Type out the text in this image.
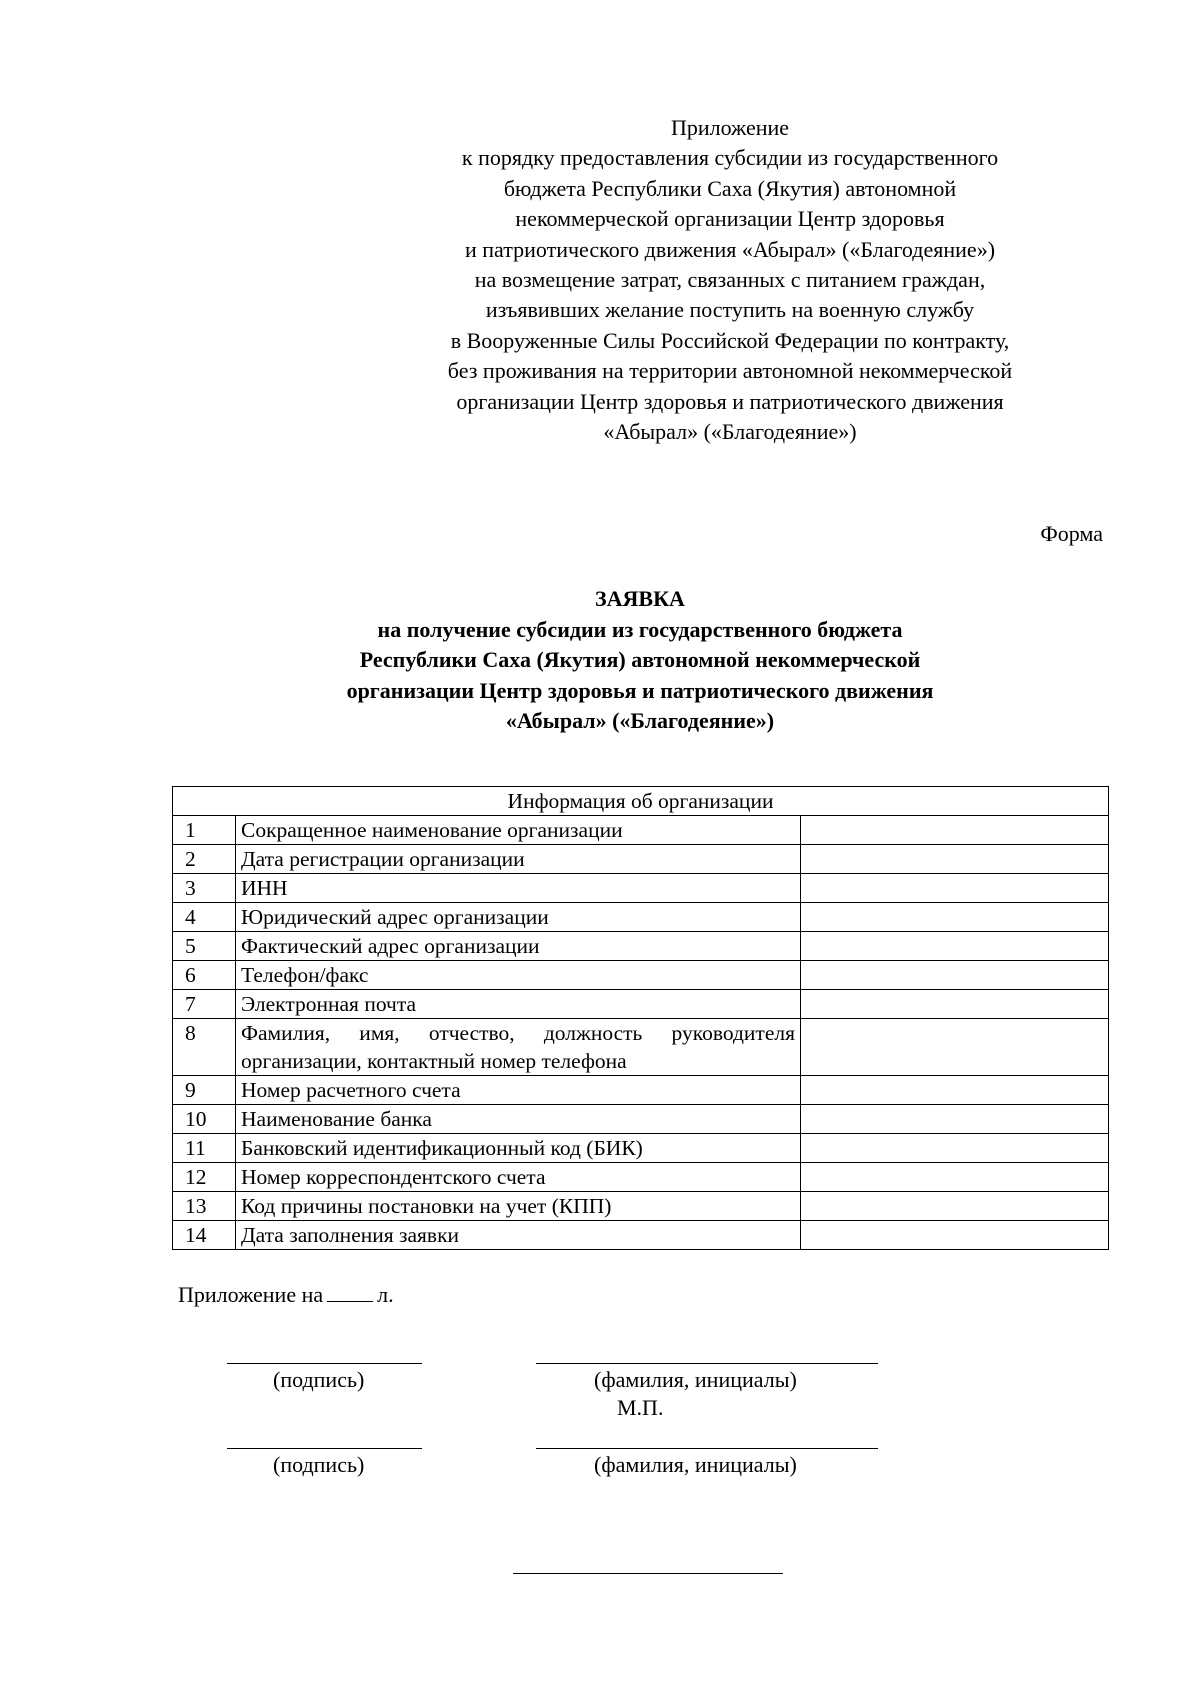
Приложение
к порядку предоставления субсидии из государственного
бюджета Республики Саха (Якутия) автономной
некоммерческой организации Центр здоровья
и патриотического движения «Абырал» («Благодеяние»)
на возмещение затрат, связанных с питанием граждан,
изъявивших желание поступить на военную службу
в Вооруженные Силы Российской Федерации по контракту,
без проживания на территории автономной некоммерческой
организации Центр здоровья и патриотического движения
«Абырал» («Благодеяние»)
Форма
ЗАЯВКА
на получение субсидии из государственного бюджета
Республики Саха (Якутия) автономной некоммерческой
организации Центр здоровья и патриотического движения
«Абырал» («Благодеяние»)
Информация об организации		
1	Сокращенное наименование организации	
2	Дата регистрации организации	
3	ИНН	
4	Юридический адрес организации	
5	Фактический адрес организации	
6	Телефон/факс	
7	Электронная почта	
8	Фамилия, имя, отчество, должность руководителя организации, контактный номер телефона	
9	Номер расчетного счета	
10	Наименование банка	
11	Банковский идентификационный код (БИК)	
12	Номер корреспондентского счета	
13	Код причины постановки на учет (КПП)	
14	Дата заполнения заявки	
Приложение на л.
(подпись)	(фамилия, инициалы)
М.П.
(подпись)	(фамилия, инициалы)
